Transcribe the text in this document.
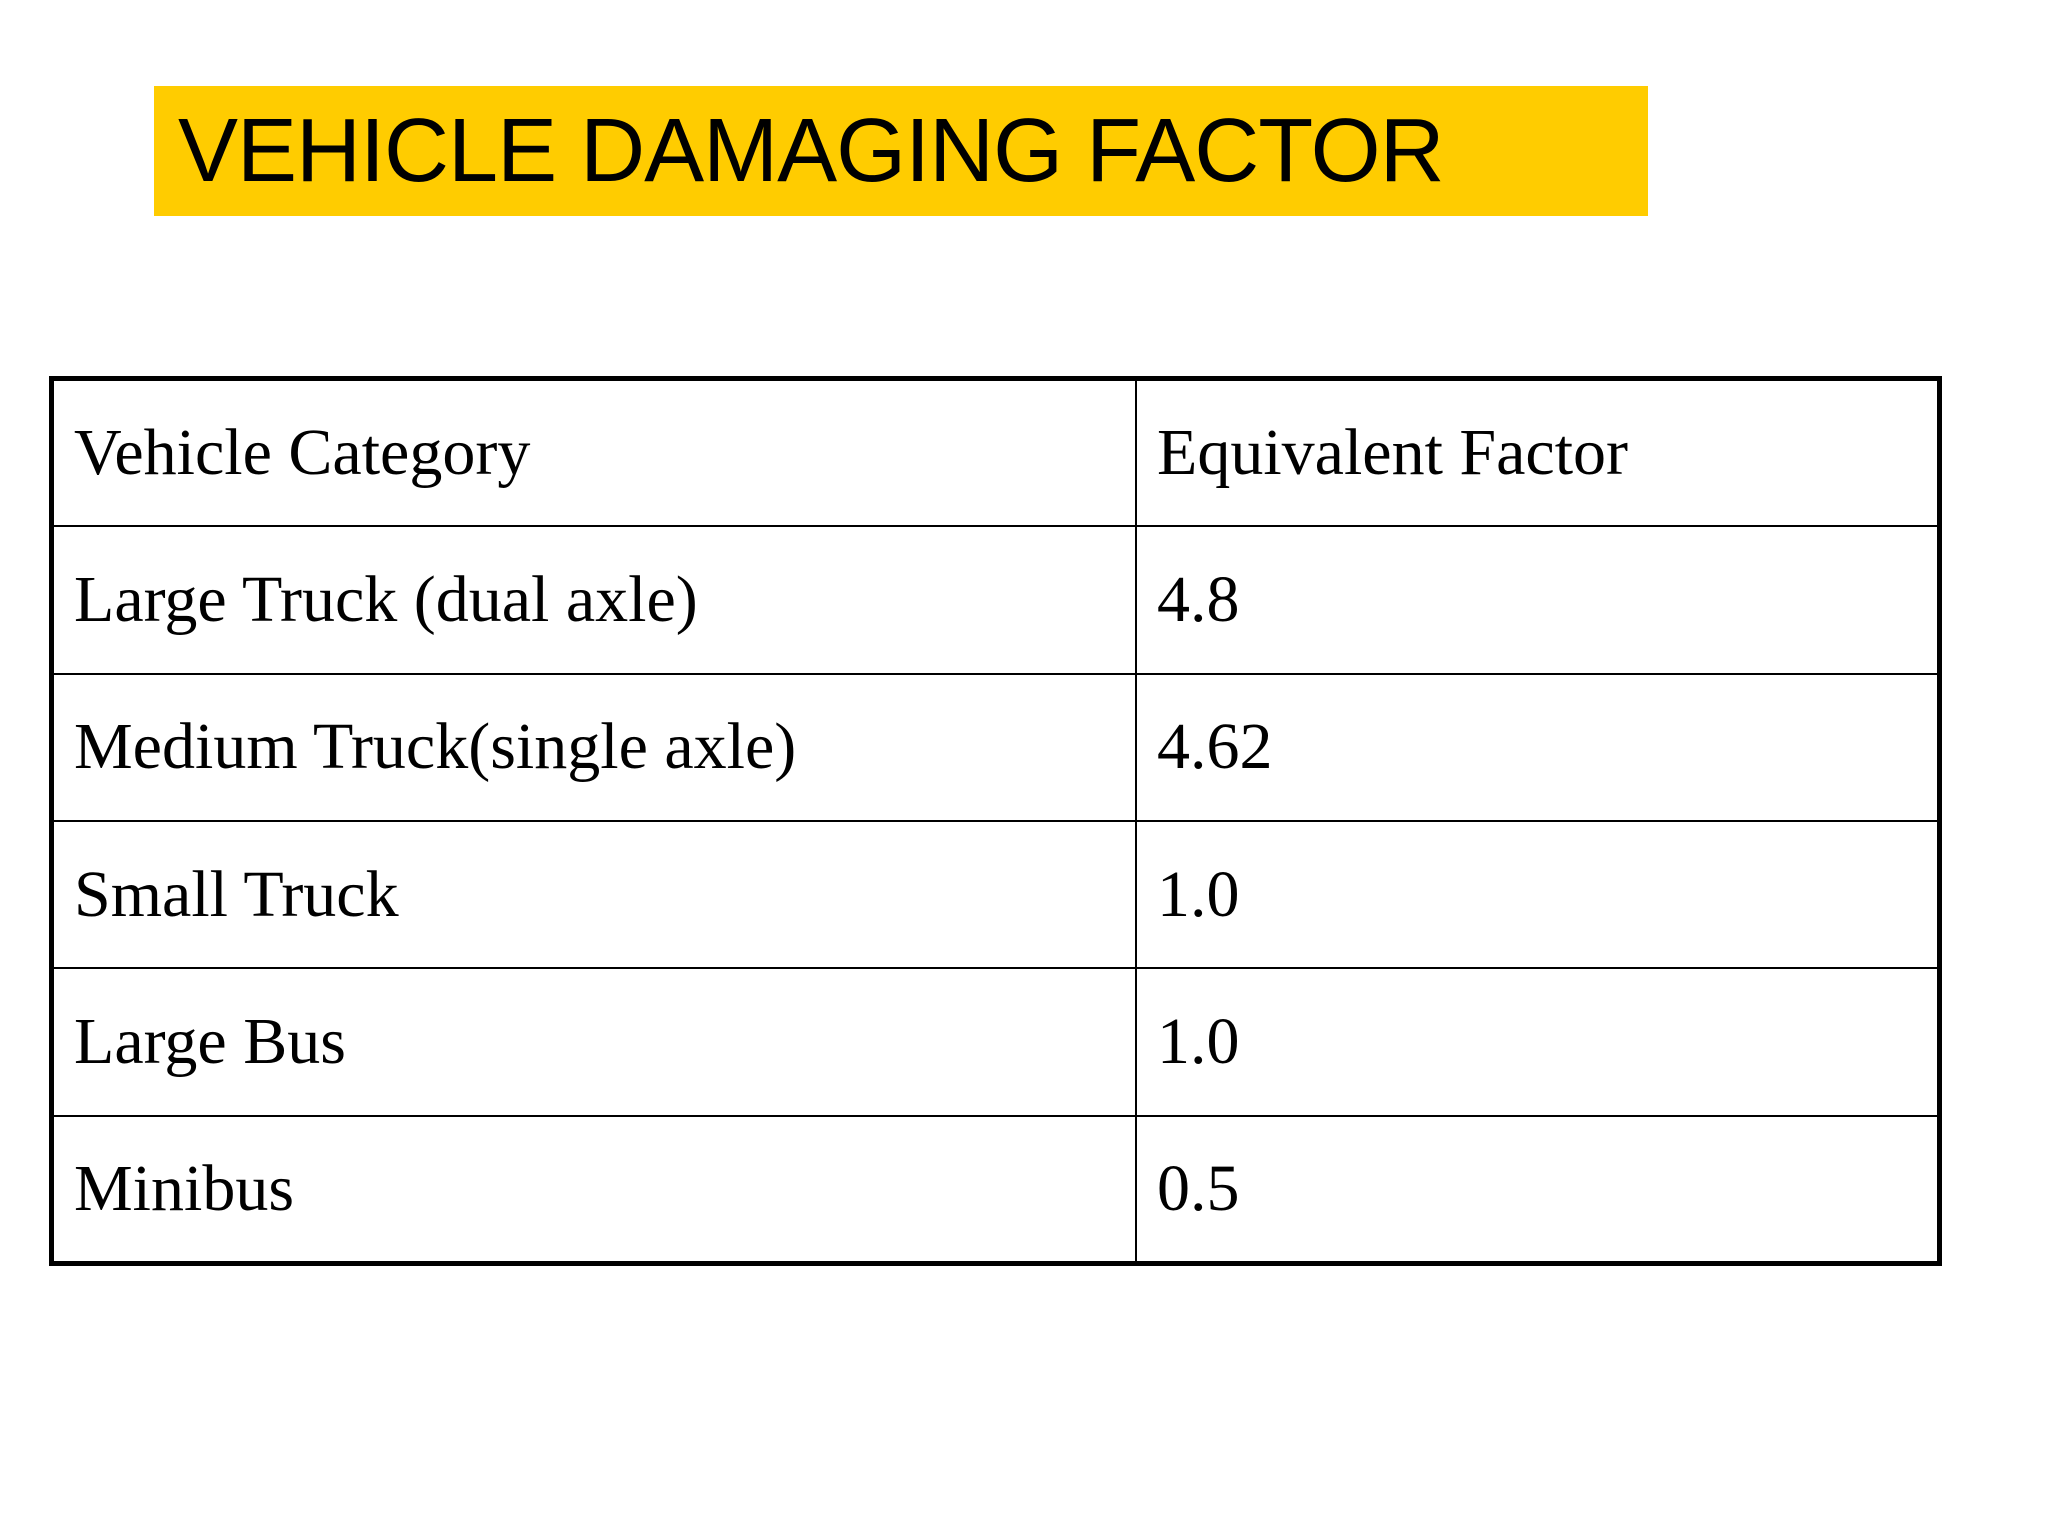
VEHICLE DAMAGING FACTOR
Vehicle Category	Equivalent Factor
Large Truck (dual axle)	4.8
Medium Truck(single axle)	4.62
Small Truck	1.0
Large Bus	1.0
Minibus	0.5
